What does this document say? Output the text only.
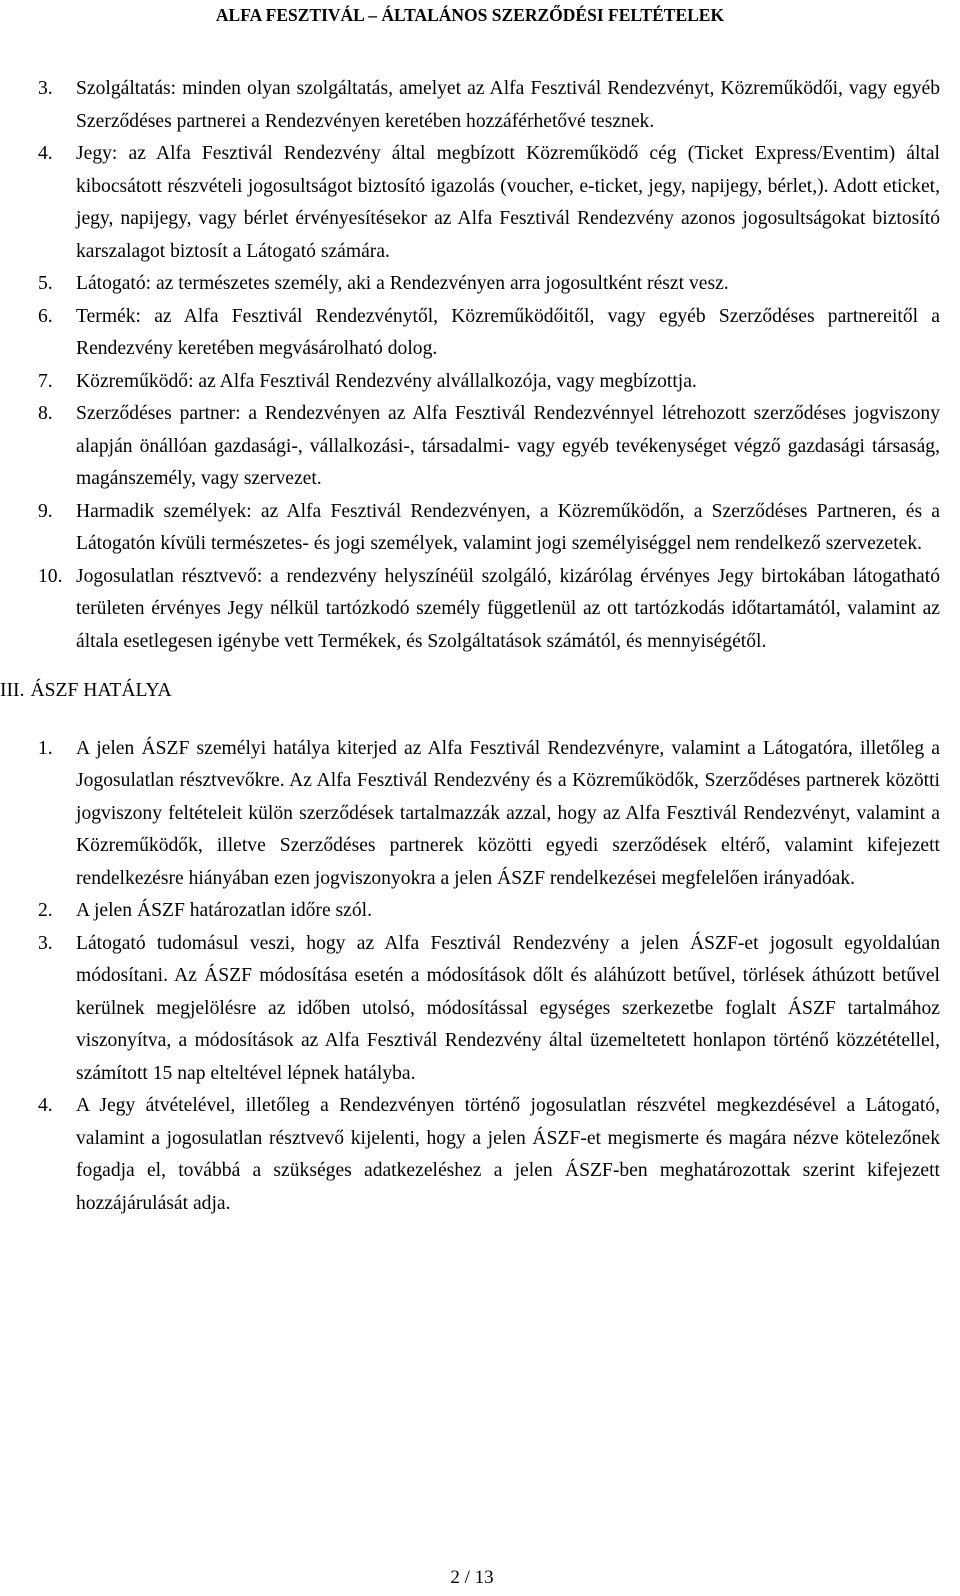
ALFA FESZTIVÁL – ÁLTALÁNOS SZERZŐDÉSI FELTÉTELEK

3. Szolgáltatás: minden olyan szolgáltatás, amelyet az Alfa Fesztivál Rendezvényt, Közreműködői, vagy egyéb Szerződéses partnerei a Rendezvényen keretében hozzáférhetővé tesznek.

4. Jegy: az Alfa Fesztivál Rendezvény által megbízott Közreműködő cég (Ticket Express/Eventim) által kibocsátott részvételi jogosultságot biztosító igazolás (voucher, e-ticket, jegy, napijegy, bérlet,). Adott eticket, jegy, napijegy, vagy bérlet érvényesítésekor az Alfa Fesztivál Rendezvény azonos jogosultságokat biztosító karszalagot biztosít a Látogató számára.

5. Látogató: az természetes személy, aki a Rendezvényen arra jogosultként részt vesz.

6. Termék: az Alfa Fesztivál Rendezvénytől, Közreműködőitől, vagy egyéb Szerződéses partnereitől a Rendezvény keretében megvásárolható dolog.

7. Közreműködő: az Alfa Fesztivál Rendezvény alvállalkozója, vagy megbízottja.

8. Szerződéses partner: a Rendezvényen az Alfa Fesztivál Rendezvénnyel létrehozott szerződéses jogviszony alapján önállóan gazdasági-, vállalkozási-, társadalmi- vagy egyéb tevékenységet végző gazdasági társaság, magánszemély, vagy szervezet.

9. Harmadik személyek: az Alfa Fesztivál Rendezvényen, a Közreműködőn, a Szerződéses Partneren, és a Látogatón kívüli természetes- és jogi személyek, valamint jogi személyiséggel nem rendelkező szervezetek.

10. Jogosulatlan résztvevő: a rendezvény helyszínéül szolgáló, kizárólag érvényes Jegy birtokában látogatható területen érvényes Jegy nélkül tartózkodó személy függetlenül az ott tartózkodás időtartamától, valamint az általa esetlegesen igénybe vett Termékek, és Szolgáltatások számától, és mennyiségétől.

III. ÁSZF HATÁLYA

1. A jelen ÁSZF személyi hatálya kiterjed az Alfa Fesztivál Rendezvényre, valamint a Látogatóra, illetőleg a Jogosulatlan résztvevőkre. Az Alfa Fesztivál Rendezvény és a Közreműködők, Szerződéses partnerek közötti jogviszony feltételeit külön szerződések tartalmazzák azzal, hogy az Alfa Fesztivál Rendezvényt, valamint a Közreműködők, illetve Szerződéses partnerek közötti egyedi szerződések eltérő, valamint kifejezett rendelkezésre hiányában ezen jogviszonyokra a jelen ÁSZF rendelkezései megfelelően irányadóak.

2. A jelen ÁSZF határozatlan időre szól.

3. Látogató tudomásul veszi, hogy az Alfa Fesztivál Rendezvény a jelen ÁSZF-et jogosult egyoldalúan módosítani. Az ÁSZF módosítása esetén a módosítások dőlt és aláhúzott betűvel, törlések áthúzott betűvel kerülnek megjelölésre az időben utolsó, módosítással egységes szerkezetbe foglalt ÁSZF tartalmához viszonyítva, a módosítások az Alfa Fesztivál Rendezvény által üzemeltetett honlapon történő közzététellel, számított 15 nap elteltével lépnek hatályba.

4. A Jegy átvételével, illetőleg a Rendezvényen történő jogosulatlan részvétel megkezdésével a Látogató, valamint a jogosulatlan résztvevő kijelenti, hogy a jelen ÁSZF-et megismerte és magára nézve kötelezőnek fogadja el, továbbá a szükséges adatkezeléshez a jelen ÁSZF-ben meghatározottak szerint kifejezett hozzájárulását adja.

2 / 13
